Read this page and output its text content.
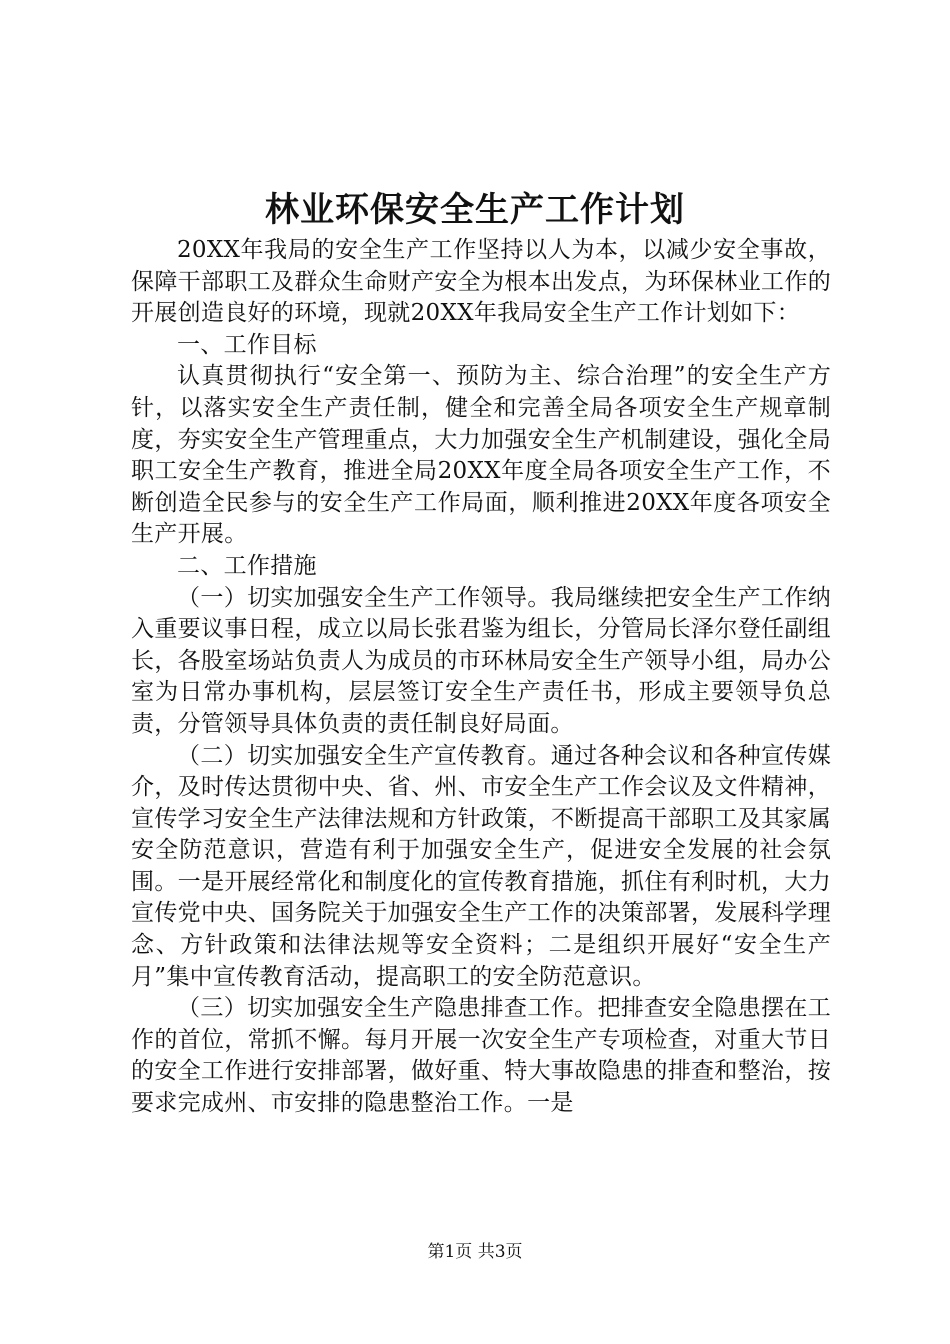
林业环保安全生产工作计划

20XX年我局的安全生产工作坚持以人为本，以减少安全事故，保障干部职工及群众生命财产安全为根本出发点，为环保林业工作的开展创造良好的环境，现就20XX年我局安全生产工作计划如下：

一、工作目标

认真贯彻执行“安全第一、预防为主、综合治理”的安全生产方针，以落实安全生产责任制，健全和完善全局各项安全生产规章制度，夯实安全生产管理重点，大力加强安全生产机制建设，强化全局职工安全生产教育，推进全局20XX年度全局各项安全生产工作，不断创造全民参与的安全生产工作局面，顺利推进20XX年度各项安全生产开展。

二、工作措施

（一）切实加强安全生产工作领导。我局继续把安全生产工作纳入重要议事日程，成立以局长张君鉴为组长，分管局长泽尔登任副组长，各股室场站负责人为成员的市环林局安全生产领导小组，局办公室为日常办事机构，层层签订安全生产责任书，形成主要领导负总责，分管领导具体负责的责任制良好局面。

（二）切实加强安全生产宣传教育。通过各种会议和各种宣传媒介，及时传达贯彻中央、省、州、市安全生产工作会议及文件精神，宣传学习安全生产法律法规和方针政策，不断提高干部职工及其家属安全防范意识，营造有利于加强安全生产，促进安全发展的社会氛围。一是开展经常化和制度化的宣传教育措施，抓住有利时机，大力宣传党中央、国务院关于加强安全生产工作的决策部署，发展科学理念、方针政策和法律法规等安全资料；二是组织开展好“安全生产月”集中宣传教育活动，提高职工的安全防范意识。

（三）切实加强安全生产隐患排查工作。把排查安全隐患摆在工作的首位，常抓不懈。每月开展一次安全生产专项检查，对重大节日的安全工作进行安排部署，做好重、特大事故隐患的排查和整治，按要求完成州、市安排的隐患整治工作。一是

第1页 共3页
